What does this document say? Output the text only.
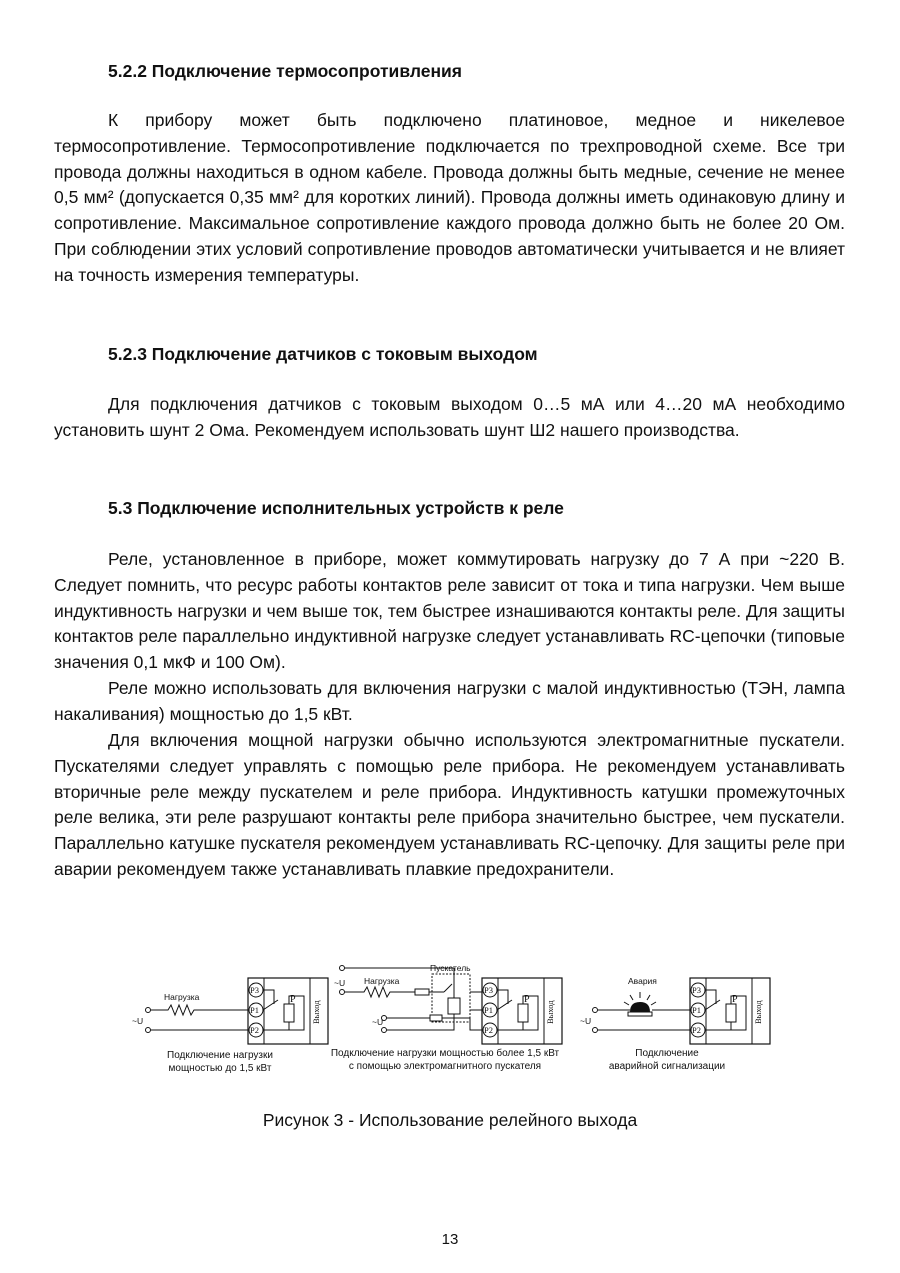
5.2.2 Подключение термосопротивления

К прибору может быть подключено платиновое, медное и никелевое термосопротивление. Термосопротивление подключается по трехпроводной схеме. Все три провода должны находиться в одном кабеле. Провода должны быть медные, сечение не менее 0,5 мм² (допускается 0,35 мм² для коротких линий). Провода должны иметь одинаковую длину и сопротивление. Максимальное сопротивление каждого провода должно быть не более 20 Ом. При соблюдении этих условий сопротивление проводов автоматически учитывается и не влияет на точность измерения температуры.

5.2.3 Подключение датчиков с токовым выходом

Для подключения датчиков с токовым выходом 0…5 мА или 4…20 мА необходимо установить шунт 2 Ома. Рекомендуем использовать шунт Ш2 нашего производства.

5.3 Подключение исполнительных устройств к реле

Реле, установленное в приборе, может коммутировать нагрузку до 7 А при ~220 В. Следует помнить, что ресурс работы контактов реле зависит от тока и типа нагрузки. Чем выше индуктивность нагрузки и чем выше ток, тем быстрее изнашиваются контакты реле. Для защиты контактов реле параллельно индуктивной нагрузке следует устанавливать RC-цепочки (типовые значения 0,1 мкФ и 100 Ом).

Реле можно использовать для включения нагрузки с малой индуктивностью (ТЭН, лампа накаливания) мощностью до 1,5 кВт.

Для включения мощной нагрузки обычно используются электромагнитные пускатели. Пускателями следует управлять с помощью реле прибора. Не рекомендуем устанавливать вторичные реле между пускателем и реле прибора. Индуктивность катушки промежуточных реле велика, эти реле разрушают контакты реле прибора значительно быстрее, чем пускатели. Параллельно катушке пускателя рекомендуем устанавливать RC-цепочку. Для защиты реле при аварии рекомендуем также устанавливать плавкие предохранители.

Нагрузка
~U
P3
P1
P2
P
Выход
Подключение нагрузки
мощностью до 1,5 кВт
Нагрузка
Пускатель
~U
~U
P3
P1
P2
P
Выход
Подключение нагрузки мощностью более 1,5 кВт
с помощью электромагнитного пускателя
Авария
~U
P3
P1
P2
P
Выход
Подключение
аварийной сигнализации

Рисунок 3 - Использование релейного выхода

13
